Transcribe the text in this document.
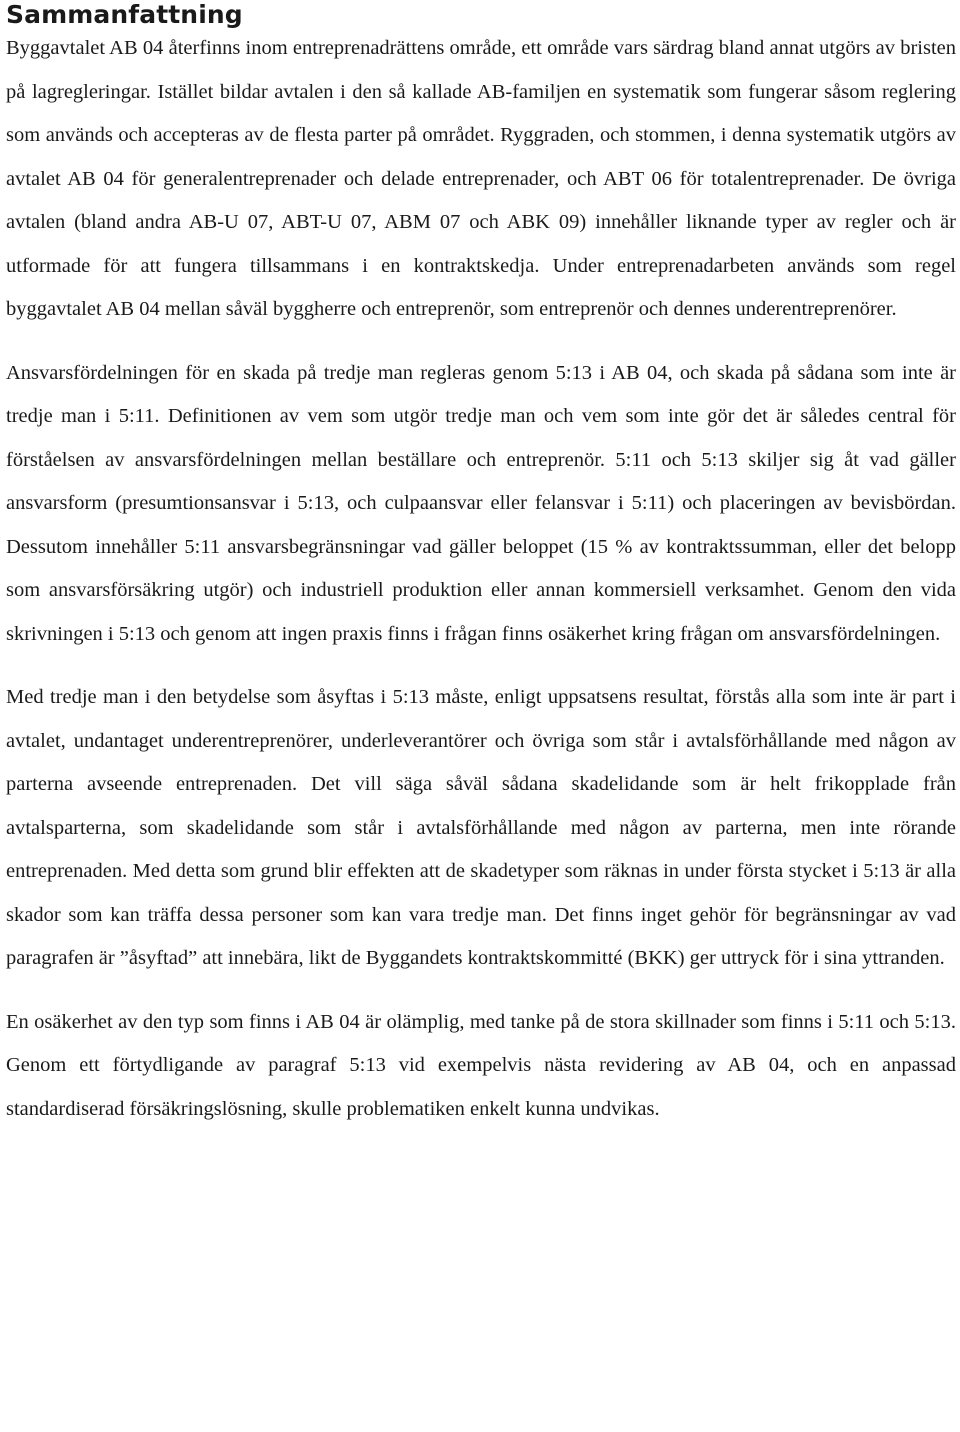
Sammanfattning

Byggavtalet AB 04 återfinns inom entreprenadrättens område, ett område vars särdrag bland annat utgörs av bristen på lagregleringar. Istället bildar avtalen i den så kallade AB-familjen en systematik som fungerar såsom reglering som används och accepteras av de flesta parter på området. Ryggraden, och stommen, i denna systematik utgörs av avtalet AB 04 för generalentreprenader och delade entreprenader, och ABT 06 för totalentreprenader. De övriga avtalen (bland andra AB-U 07, ABT-U 07, ABM 07 och ABK 09) innehåller liknande typer av regler och är utformade för att fungera tillsammans i en kontraktskedja. Under entreprenadarbeten används som regel byggavtalet AB 04 mellan såväl byggherre och entreprenör, som entreprenör och dennes underentreprenörer.

Ansvarsfördelningen för en skada på tredje man regleras genom 5:13 i AB 04, och skada på sådana som inte är tredje man i 5:11. Definitionen av vem som utgör tredje man och vem som inte gör det är således central för förståelsen av ansvarsfördelningen mellan beställare och entreprenör. 5:11 och 5:13 skiljer sig åt vad gäller ansvarsform (presumtionsansvar i 5:13, och culpaansvar eller felansvar i 5:11) och placeringen av bevisbördan. Dessutom innehåller 5:11 ansvarsbegränsningar vad gäller beloppet (15 % av kontraktssumman, eller det belopp som ansvarsförsäkring utgör) och industriell produktion eller annan kommersiell verksamhet. Genom den vida skrivningen i 5:13 och genom att ingen praxis finns i frågan finns osäkerhet kring frågan om ansvarsfördelningen.

Med tredje man i den betydelse som åsyftas i 5:13 måste, enligt uppsatsens resultat, förstås alla som inte är part i avtalet, undantaget underentreprenörer, underleverantörer och övriga som står i avtalsförhållande med någon av parterna avseende entreprenaden. Det vill säga såväl sådana skadelidande som är helt frikopplade från avtalsparterna, som skadelidande som står i avtalsförhållande med någon av parterna, men inte rörande entreprenaden. Med detta som grund blir effekten att de skadetyper som räknas in under första stycket i 5:13 är alla skador som kan träffa dessa personer som kan vara tredje man. Det finns inget gehör för begränsningar av vad paragrafen är ”åsyftad” att innebära, likt de Byggandets kontraktskommitté (BKK) ger uttryck för i sina yttranden.

En osäkerhet av den typ som finns i AB 04 är olämplig, med tanke på de stora skillnader som finns i 5:11 och 5:13. Genom ett förtydligande av paragraf 5:13 vid exempelvis nästa revidering av AB 04, och en anpassad standardiserad försäkringslösning, skulle problematiken enkelt kunna undvikas.
